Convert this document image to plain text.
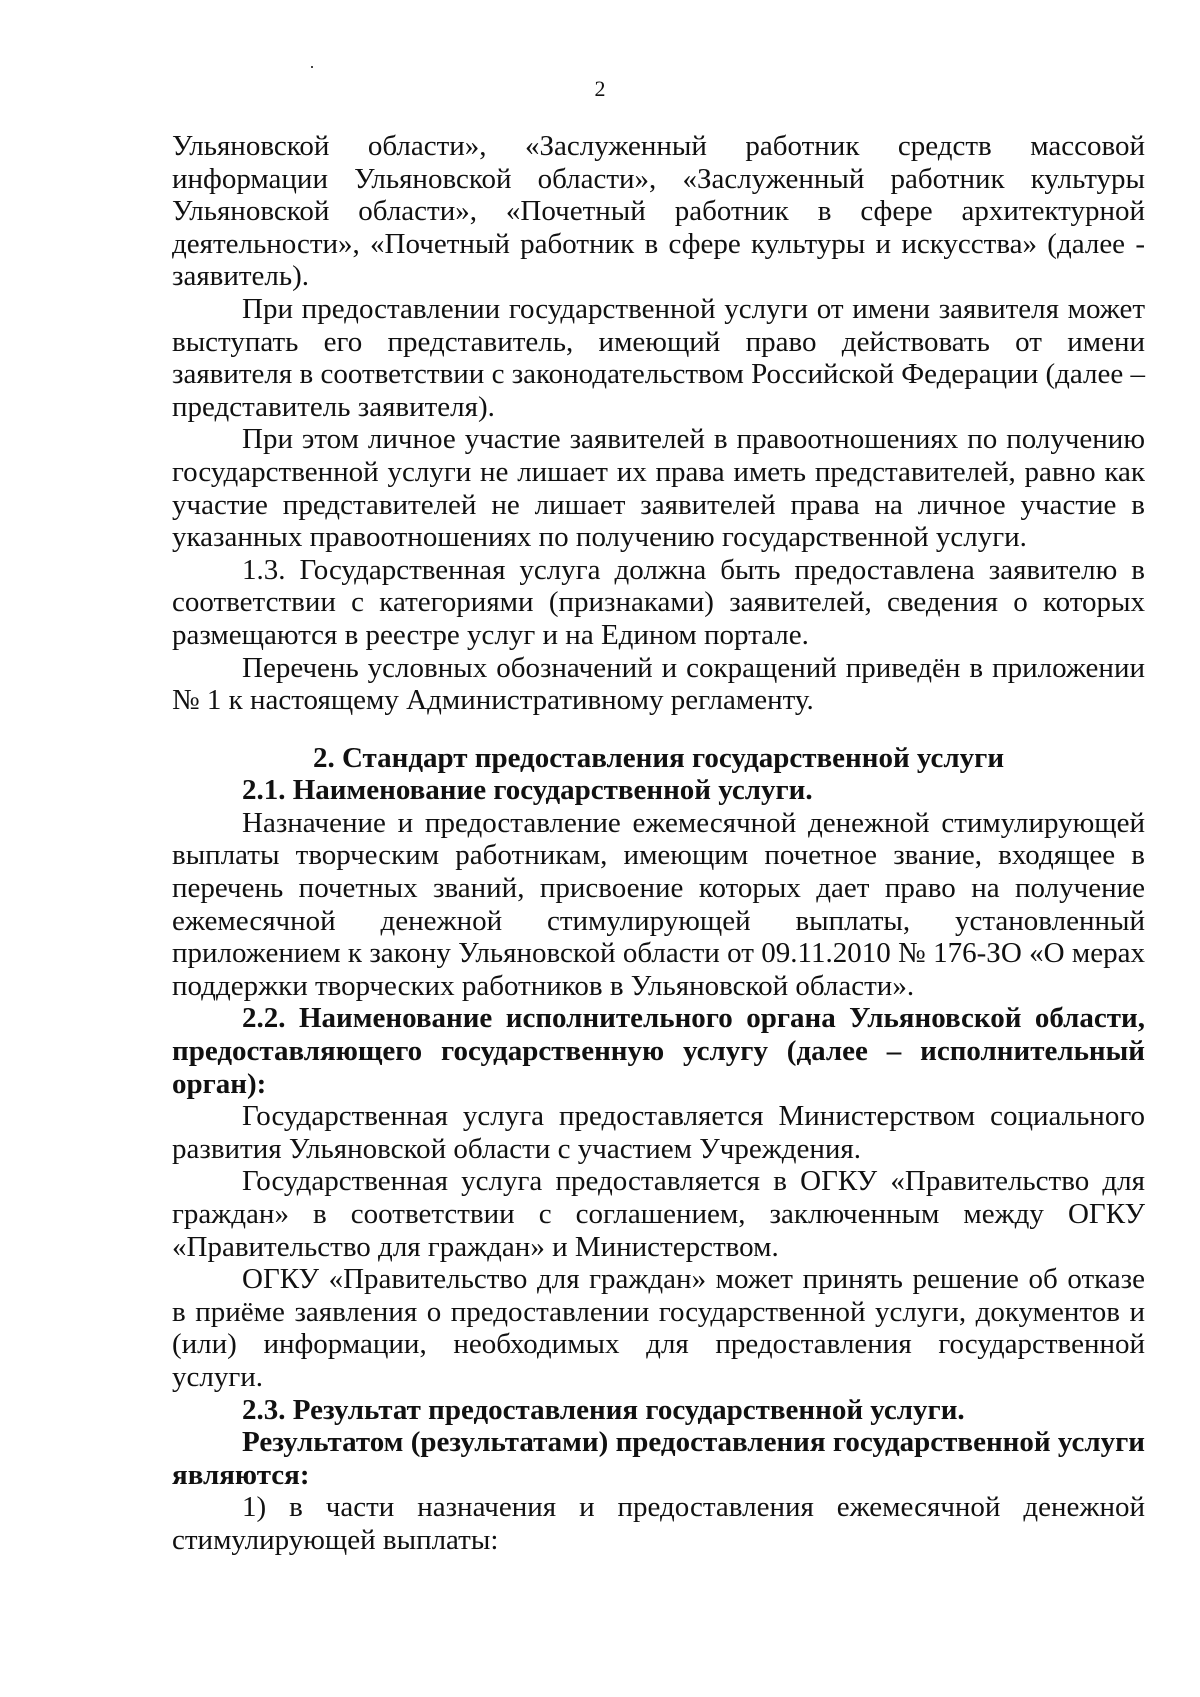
2

Ульяновской области», «Заслуженный работник средств массовой информации Ульяновской области», «Заслуженный работник культуры Ульяновской области», «Почетный работник в сфере архитектурной деятельности», «Почетный работник в сфере культуры и искусства» (далее - заявитель).

При предоставлении государственной услуги от имени заявителя может выступать его представитель, имеющий право действовать от имени заявителя в соответствии с законодательством Российской Федерации (далее – представитель заявителя).

При этом личное участие заявителей в правоотношениях по получению государственной услуги не лишает их права иметь представителей, равно как участие представителей не лишает заявителей права на личное участие в указанных правоотношениях по получению государственной услуги.

1.3. Государственная услуга должна быть предоставлена заявителю в соответствии с категориями (признаками) заявителей, сведения о которых размещаются в реестре услуг и на Едином портале.

Перечень условных обозначений и сокращений приведён в приложении № 1 к настоящему Административному регламенту.

2. Стандарт предоставления государственной услуги

2.1. Наименование государственной услуги.

Назначение и предоставление ежемесячной денежной стимулирующей выплаты творческим работникам, имеющим почетное звание, входящее в перечень почетных званий, присвоение которых дает право на получение ежемесячной денежной стимулирующей выплаты, установленный приложением к закону Ульяновской области от 09.11.2010 № 176-ЗО «О мерах поддержки творческих работников в Ульяновской области».

2.2. Наименование исполнительного органа Ульяновской области, предоставляющего государственную услугу (далее – исполнительный орган):

Государственная услуга предоставляется Министерством социального развития Ульяновской области с участием Учреждения.

Государственная услуга предоставляется в ОГКУ «Правительство для граждан» в соответствии с соглашением, заключенным между ОГКУ «Правительство для граждан» и Министерством.

ОГКУ «Правительство для граждан» может принять решение об отказе в приёме заявления о предоставлении государственной услуги, документов и (или) информации, необходимых для предоставления государственной услуги.

2.3. Результат предоставления государственной услуги.

Результатом (результатами) предоставления государственной услуги являются:

1) в части назначения и предоставления ежемесячной денежной стимулирующей выплаты:
